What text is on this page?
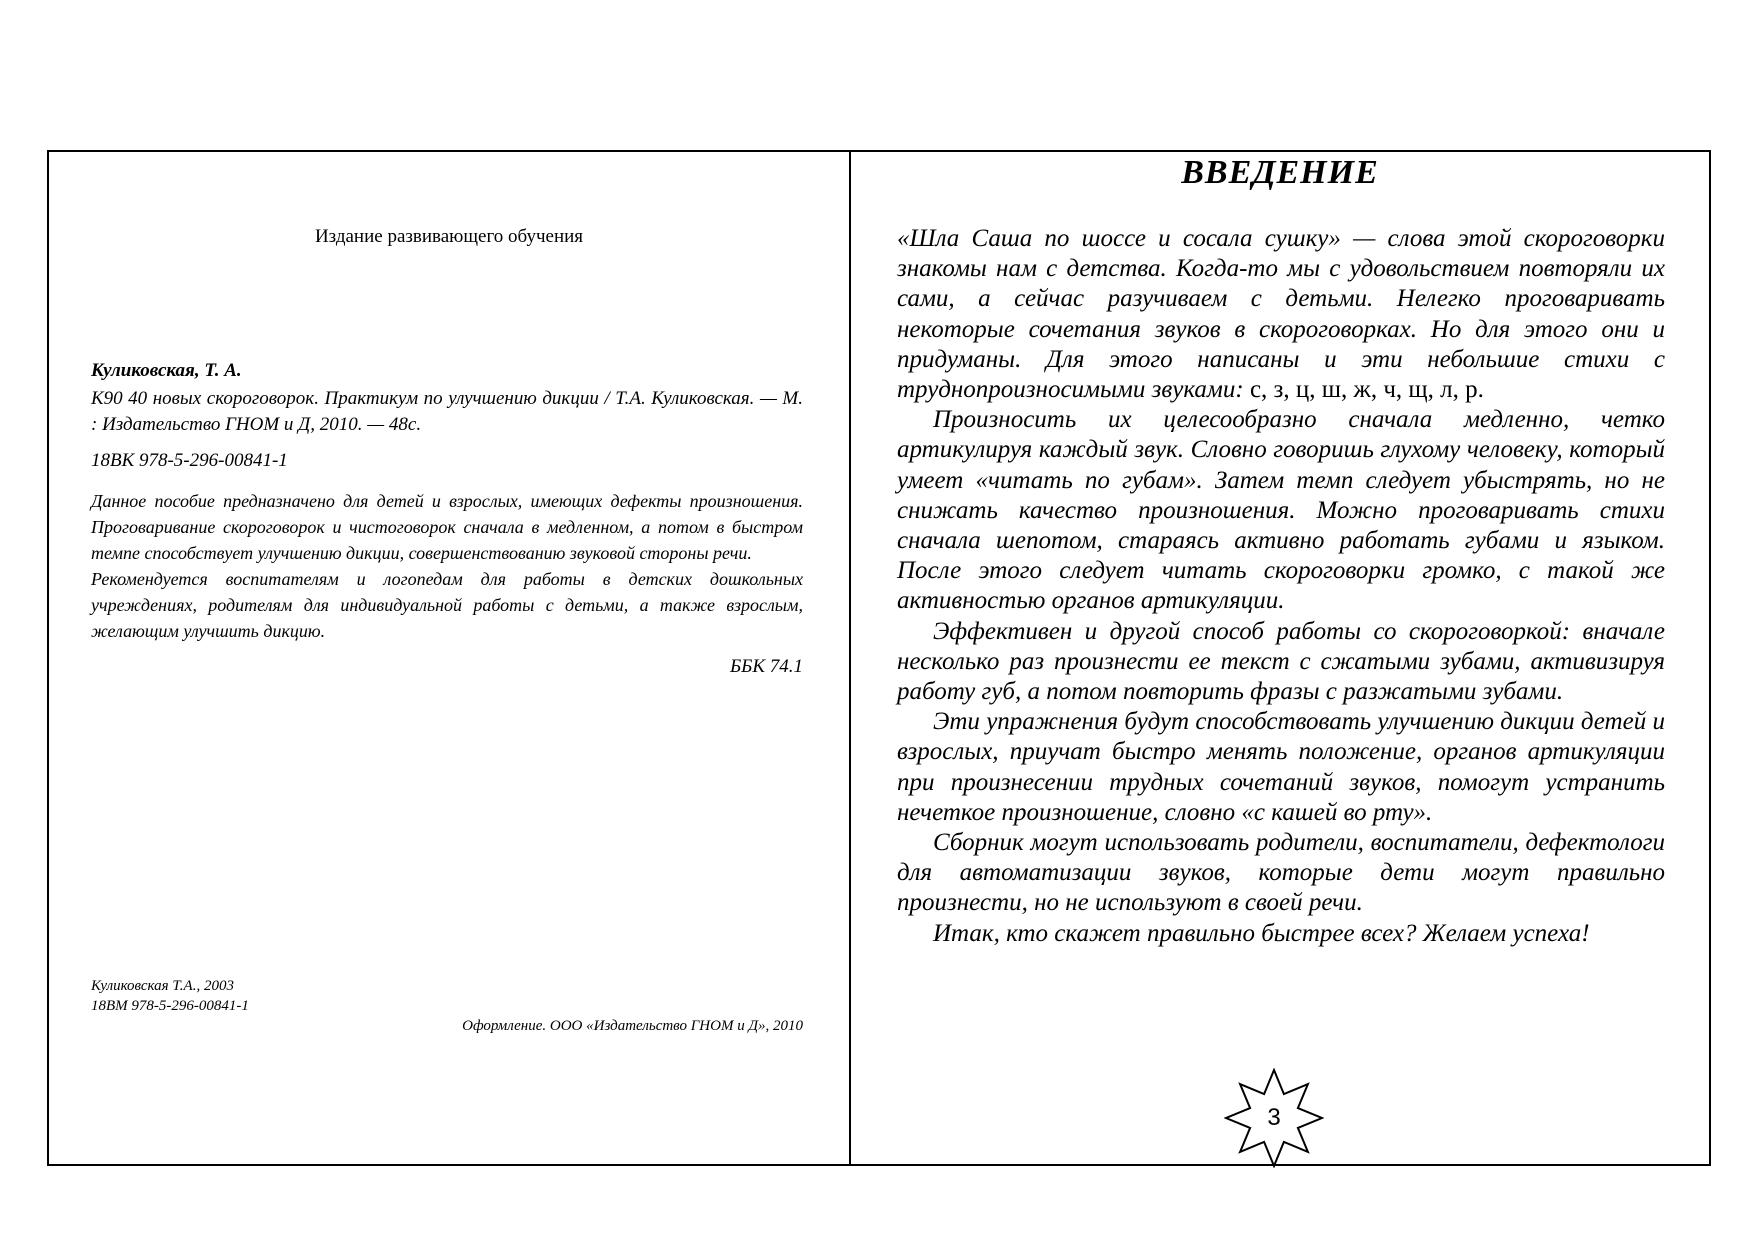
Издание развивающего обучения
Куликовская, Т. А.
К90 40 новых скороговорок. Практикум по улучшению дикции / Т.А. Куликовская. — М. : Издательство ГНОМ и Д, 2010. — 48с.
18ВК 978-5-296-00841-1

Данное пособие предназначено для детей и взрослых, имеющих дефекты произношения. Проговаривание скороговорок и чистоговорок сначала в медленном, а потом в быстром темпе способствует улучшению дикции, совершенствованию звуковой стороны речи.

Рекомендуется воспитателям и логопедам для работы в детских дошкольных учреждениях, родителям для индивидуальной работы с детьми, а также взрослым, желающим улучшить дикцию.

ББК 74.1
Куликовская Т.А., 2003
18ВМ 978-5-296-00841-1
Оформление. ООО «Издательство ГНОМ и Д», 2010
ВВЕДЕНИЕ

«Шла Саша по шоссе и сосала сушку» — слова этой скороговорки знакомы нам с детства. Когда-то мы с удовольствием повторяли их сами, а сейчас разучиваем с детьми. Нелегко проговаривать некоторые сочетания звуков в скороговорках. Но для этого они и придуманы. Для этого написаны и эти небольшие стихи с труднопроизносимыми звуками: с, з, ц, ш, ж, ч, щ, л, р.

Произносить их целесообразно сначала медленно, четко артикулируя каждый звук. Словно говоришь глухому человеку, который умеет «читать по губам». Затем темп следует убыстрять, но не снижать качество произношения. Можно проговаривать стихи сначала шепотом, стараясь активно работать губами и языком. После этого следует читать скороговорки громко, с такой же активностью органов артикуляции.

Эффективен и другой способ работы со скороговоркой: вначале несколько раз произнести ее текст с сжатыми зубами, активизируя работу губ, а потом повторить фразы с разжатыми зубами.

Эти упражнения будут способствовать улучшению дикции детей и взрослых, приучат быстро менять положение, органов артикуляции при произнесении трудных сочетаний звуков, помогут устранить нечеткое произношение, словно «с кашей во рту».

Сборник могут использовать родители, воспитатели, дефектологи для автоматизации звуков, которые дети могут правильно произнести, но не используют в своей речи.

Итак, кто скажет правильно быстрее всех? Желаем успеха!

3
